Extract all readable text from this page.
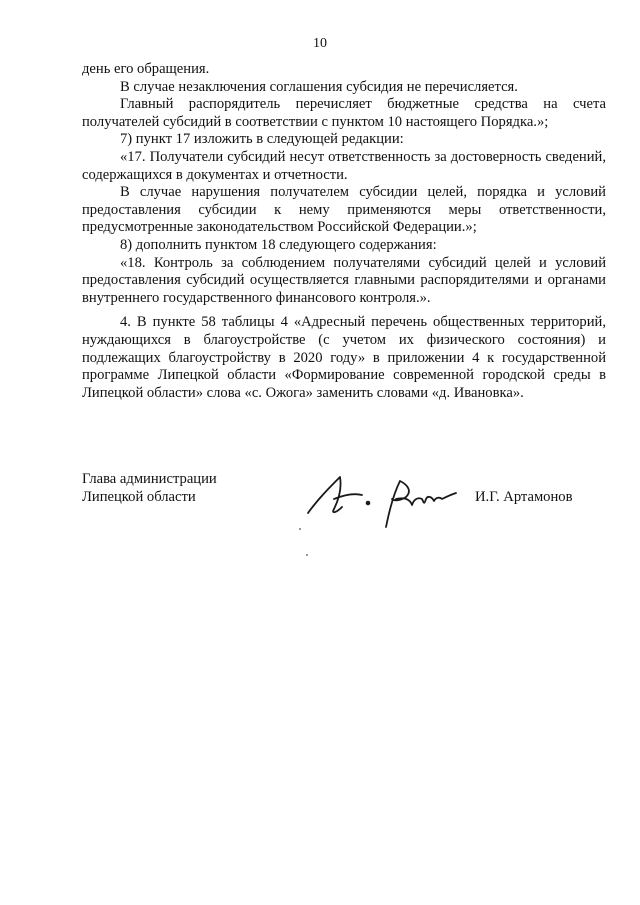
10

день его обращения.

В случае незаключения соглашения субсидия не перечисляется.

Главный распорядитель перечисляет бюджетные средства на счета получателей субсидий в соответствии с пунктом 10 настоящего Порядка.»;

7) пункт 17 изложить в следующей редакции:

«17. Получатели субсидий несут ответственность за достоверность сведений, содержащихся в документах и отчетности.

В случае нарушения получателем субсидии целей, порядка и условий предоставления субсидии к нему применяются меры ответственности, предусмотренные законодательством Российской Федерации.»;

8) дополнить пунктом 18 следующего содержания:

«18. Контроль за соблюдением получателями субсидий целей и условий предоставления субсидий осуществляется главными распорядителями и органами внутреннего государственного финансового контроля.».

4. В пункте 58 таблицы 4 «Адресный перечень общественных территорий, нуждающихся в благоустройстве (с учетом их физического состояния) и подлежащих благоустройству в 2020 году» в приложении 4 к государственной программе Липецкой области «Формирование современной городской среды в Липецкой области» слова «с. Ожога» заменить словами «д. Ивановка».

Глава администрации
Липецкой области	И.Г. Артамонов
